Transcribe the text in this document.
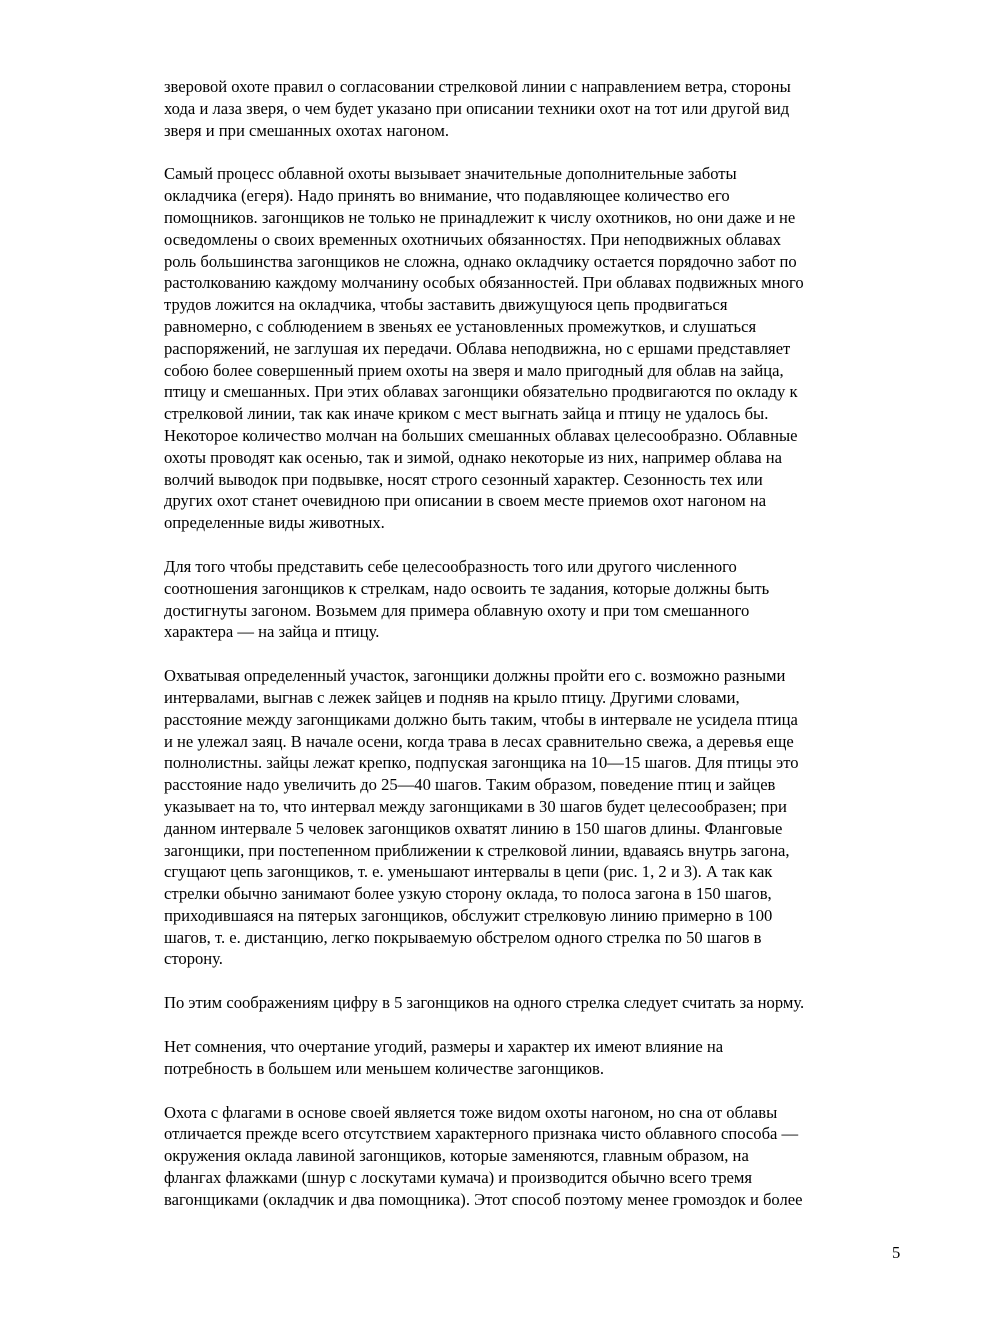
зверовой охоте правил о согласовании стрелковой линии с направлением ветра, стороны
хода и лаза зверя, о чем будет указано при описании техники охот на тот или другой вид
зверя и при смешанных охотах нагоном.

Самый процесс облавной охоты вызывает значительные дополнительные заботы
окладчика (егеря). Надо принять во внимание, что подавляющее количество его
помощников. загонщиков не только не принадлежит к числу охотников, но они даже и не
осведомлены о своих временных охотничьих обязанностях. При неподвижных облавах
роль большинства загонщиков не сложна, однако окладчику остается порядочно забот по
растолкованию каждому молчанину особых обязанностей. При облавах подвижных много
трудов ложится на окладчика, чтобы заставить движущуюся цепь продвигаться
равномерно, с соблюдением в звеньях ее установленных промежутков, и слушаться
распоряжений, не заглушая их передачи. Облава неподвижна, но с ершами представляет
собою более совершенный прием охоты на зверя и мало пригодный для облав на зайца,
птицу и смешанных. При этих облавах загонщики обязательно продвигаются по окладу к
стрелковой линии, так как иначе криком с мест выгнать зайца и птицу не удалось бы.
Некоторое количество молчан на больших смешанных облавах целесообразно. Облавные
охоты проводят как осенью, так и зимой, однако некоторые из них, например облава на
волчий выводок при подвывке, носят строго сезонный характер. Сезонность тех или
других охот станет очевидною при описании в своем месте приемов охот нагоном на
определенные виды животных.

Для того чтобы представить себе целесообразность того или другого численного
соотношения загонщиков к стрелкам, надо освоить те задания, которые должны быть
достигнуты загоном. Возьмем для примера облавную охоту и при том смешанного
характера — на зайца и птицу.

Охватывая определенный участок, загонщики должны пройти его с. возможно разными
интервалами, выгнав с лежек зайцев и подняв на крыло птицу. Другими словами,
расстояние между загонщиками должно быть таким, чтобы в интервале не усидела птица
и не улежал заяц. В начале осени, когда трава в лесах сравнительно свежа, а деревья еще
полнолистны. зайцы лежат крепко, подпуская загонщика на 10—15 шагов. Для птицы это
расстояние надо увеличить до 25—40 шагов. Таким образом, поведение птиц и зайцев
указывает на то, что интервал между загонщиками в 30 шагов будет целесообразен; при
данном интервале 5 человек загонщиков охватят линию в 150 шагов длины. Фланговые
загонщики, при постепенном приближении к стрелковой линии, вдаваясь внутрь загона,
сгущают цепь загонщиков, т. е. уменьшают интервалы в цепи (рис. 1, 2 и 3). А так как
стрелки обычно занимают более узкую сторону оклада, то полоса загона в 150 шагов,
приходившаяся на пятерых загонщиков, обслужит стрелковую линию примерно в 100
шагов, т. е. дистанцию, легко покрываемую обстрелом одного стрелка по 50 шагов в
сторону.

По этим соображениям цифру в 5 загонщиков на одного стрелка следует считать за норму.

Нет сомнения, что очертание угодий, размеры и характер их имеют влияние на
потребность в большем или меньшем количестве загонщиков.

Охота с флагами в основе своей является тоже видом охоты нагоном, но сна от облавы
отличается прежде всего отсутствием характерного признака чисто облавного способа —
окружения оклада лавиной загонщиков, которые заменяются, главным образом, на
флангах флажками (шнур с лоскутами кумача) и производится обычно всего тремя
вагонщиками (окладчик и два помощника). Этот способ поэтому менее громоздок и более

5
